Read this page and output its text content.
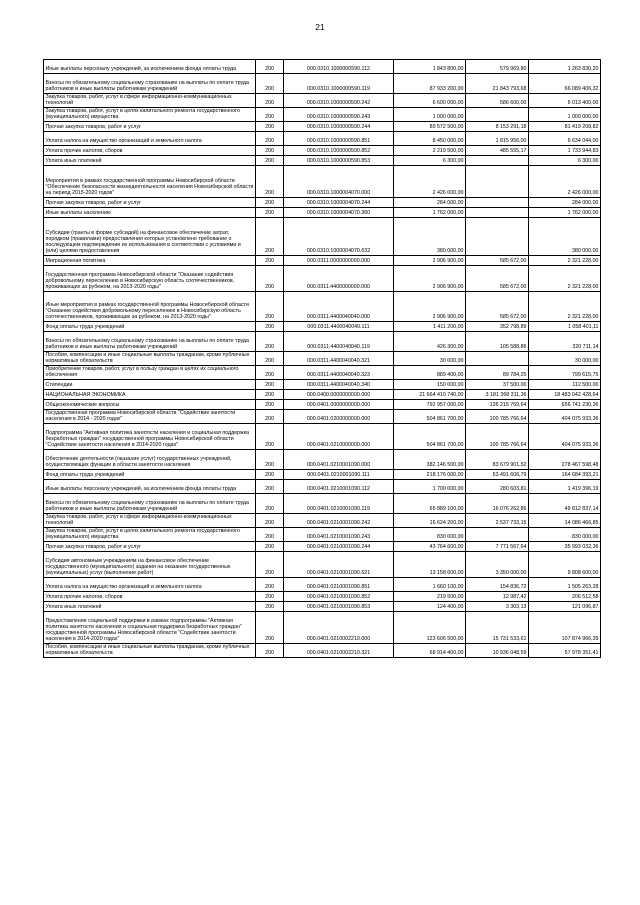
21
Иные выплаты персоналу учреждений, за исключением фонда оплаты труда	200	000.0310.1000000590.112	1 843 800,00	579 969,80	1 263 830,20
Взносы по обязательному социальному страхованию на выплаты по оплате труда работников и иные выплаты работникам учреждений	200	000.0310.1000000590.119	87 933 200,00	21 843 793,68	66 089 406,32
Закупка товаров, работ, услуг в сфере информационно-коммуникационных технологий	200	000.0310.1000000590.242	6 600 000,00	586 600,00	6 013 400,00
Закупка товаров, работ, услуг в целях капитального ремонта государственного (муниципального) имущества	200	000.0310.1000000590.243	1 000 000,00		1 000 000,00
Прочая закупка товаров, работ и услуг	200	000.0310.1000000590.244	89 572 500,00	8 153 291,18	81 419 208,82
Уплата налога на имущество организаций и земельного налога	200	000.0310.1000000590.851	8 450 000,00	1 815 956,00	6 634 044,00
Уплата прочих налогов, сборов	200	000.0310.1000000590.852	2 219 500,00	485 555,17	1 733 944,83
Уплата иных платежей	200	000.0310.1000000590.853	6 300,00		6 300,00
Мероприятия в рамках государственной программы Новосибирской области "Обеспечение безопасности жизнедеятельности населения Новосибирской области на период 2015-2020 годов"	200	000.0310.1000004070.000	2 426 000,00		2 426 000,00
Прочая закупка товаров, работ и услуг	200	000.0310.1000004070.244	284 000,00		284 000,00
Иные выплаты населению	200	000.0310.1000004070.360	1 762 000,00		1 762 000,00
Субсидии (гранты в форме субсидий) на финансовое обеспечение затрат, порядком (правилами) предоставления которых установлено требование о последующем подтверждении их использования в соответствии с условиями и (или) целями предоставления	200	000.0310.1000004070.632	380 000,00		380 000,00
Миграционная политика	200	000.0311.0000000000.000	2 906 900,00	585 672,00	2 321 228,00
Государственная программа Новосибирской области "Оказание содействия добровольному переселению в Новосибирскую область соотечественников, проживающих за рубежом, на 2013-2020 годы"	200	000.0311.4400000000.000	2 906 900,00	585 672,00	2 321 228,00
Иные мероприятия в рамках государственной программы Новосибирской области "Оказание содействия добровольному переселению в Новосибирскую область соотечественников, проживающих за рубежом, на 2013-2020 годы"	200	000.0311.4400040040.000	2 906 900,00	585 672,00	2 321 228,00
Фонд оплаты труда учреждений	200	000.0311.4400040040.111	1 411 200,00	352 798,89	1 058 401,11
Взносы по обязательному социальному страхованию на выплаты по оплате труда работников и иные выплаты работникам учреждений	200	000.0311.4400040040.119	426 300,00	105 588,86	320 711,14
Пособия, компенсации и иные социальные выплаты гражданам, кроме публичных нормативных обязательств	200	000.0311.4400040040.321	30 000,00		30 000,00
Приобретение товаров, работ, услуг в пользу граждан в целях их социального обеспечения	200	000.0311.4400040040.323	889 400,00	89 784,25	799 615,75
Стипендии	200	000.0311.4400040040.340	150 000,00	37 500,00	112 500,00
НАЦИОНАЛЬНАЯ ЭКОНОМИКА	200	000.0400.0000000000.000	21 664 410 740,00	3 181 368 311,36	18 483 042 428,64
Общеэкономические вопросы	200	000.0401.0000000000.000	792 957 000,00	136 215 769,64	656 741 230,36
Государственная программа Новосибирской области "Содействие занятости населения в 2014 - 2020 годах"	200	000.0401.0200000000.000	504 861 700,00	100 785 766,64	404 075 933,36
Подпрограмма "Активная политика занятости населения и социальная поддержка безработных граждан" государственной программы Новосибирской области "Содействие занятости населения в 2014-2020 годах"	200	000.0401.0210000000.000	504 861 700,00	100 785 766,64	404 075 933,36
Обеспечение деятельности (оказание услуг) государственных учреждений, осуществляющих функции в области занятости населения	200	000.0401.0210001090.000	382 146 500,00	83 679 901,52	278 467 598,48
Фонд оплаты труда учреждений	200	000.0401.0210001090.111	218 176 000,00	53 491 606,79	164 684 393,21
Иные выплаты персоналу учреждений, за исключением фонда оплаты труда	200	000.0401.0210001090.112	1 700 000,00	280 603,81	1 419 396,19
Взносы по обязательному социальному страхованию на выплаты по оплате труда работников и иные выплаты работникам учреждений	200	000.0401.0210001090.119	65 889 100,00	16 076 262,86	49 812 837,14
Закупка товаров, работ, услуг в сфере информационно-коммуникационных технологий	200	000.0401.0210001090.242	16 624 200,00	2 537 733,15	14 086 466,85
Закупка товаров, работ, услуг в целях капитального ремонта государственного (муниципального) имущества	200	000.0401.0210001090.243	830 000,00		830 000,00
Прочая закупка товаров, работ и услуг	200	000.0401.0210001090.244	43 764 600,00	7 771 567,64	35 993 032,36
Субсидия автономным учреждениям на финансовое обеспечение государственного (муниципального) задания на оказание государственных (муниципальных) услуг (выполнение работ)	200	000.0401.0210001090.621	13 158 600,00	3 350 000,00	9 808 600,00
Уплата налога на имущество организаций и земельного налога	200	000.0401.0210001090.851	1 660 100,00	154 836,72	1 505 263,28
Уплата прочих налогов, сборов	200	000.0401.0210001090.852	219 500,00	12 987,42	206 512,58
Уплата иных платежей	200	000.0401.0210001090.853	124 400,00	3 303,13	121 096,87
Предоставление социальной поддержки в рамках подпрограммы "Активная политика занятости населения и социальная поддержка безработных граждан" государственной программы Новосибирской области "Содействие занятости населения в 2014-2020 годах"	200	000.0401.0210002210.000	123 606 500,00	15 731 533,61	107 874 966,39
Пособия, компенсации и иные социальные выплаты гражданам, кроме публичных нормативных обязательств	200	000.0401.0210002210.321	68 914 400,00	10 936 048,59	57 978 351,41
